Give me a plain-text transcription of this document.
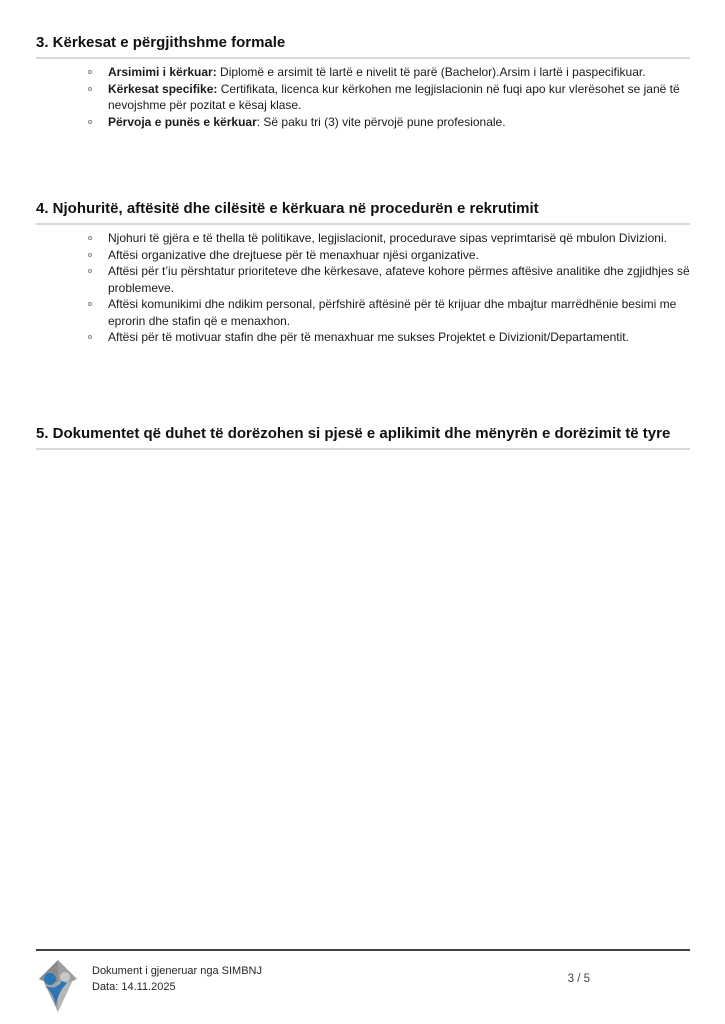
3. Kërkesat e përgjithshme formale
Arsimimi i kërkuar: Diplomë e arsimit të lartë e nivelit të parë (Bachelor).Arsim i lartë i paspecifikuar.
Kërkesat specifike: Certifikata, licenca kur kërkohen me legjislacionin në fuqi apo kur vlerësohet se janë të nevojshme për pozitat e kësaj klase.
Përvoja e punës e kërkuar: Së paku tri (3) vite përvojë pune profesionale.
4. Njohuritë, aftësitë dhe cilësitë e kërkuara në procedurën e rekrutimit
Njohuri të gjëra e të thella të politikave, legjislacionit, procedurave sipas veprimtarisë që mbulon Divizioni.
Aftësi organizative dhe drejtuese për të menaxhuar njësi organizative.
Aftësi për t’iu përshtatur prioriteteve dhe kërkesave, afateve kohore përmes aftësive analitike dhe zgjidhjes së problemeve.
Aftësi komunikimi dhe ndikim personal, përfshirë aftësinë për të krijuar dhe mbajtur marrëdhënie besimi me eprorin dhe stafin që e menaxhon.
Aftësi për të motivuar stafin dhe për të menaxhuar me sukses Projektet e Divizionit/Departamentit.
5. Dokumentet që duhet të dorëzohen si pjesë e aplikimit dhe mënyrën e dorëzimit të tyre
Dokument i gjeneruar nga SIMBNJ
Data: 14.11.2025
3 / 5
